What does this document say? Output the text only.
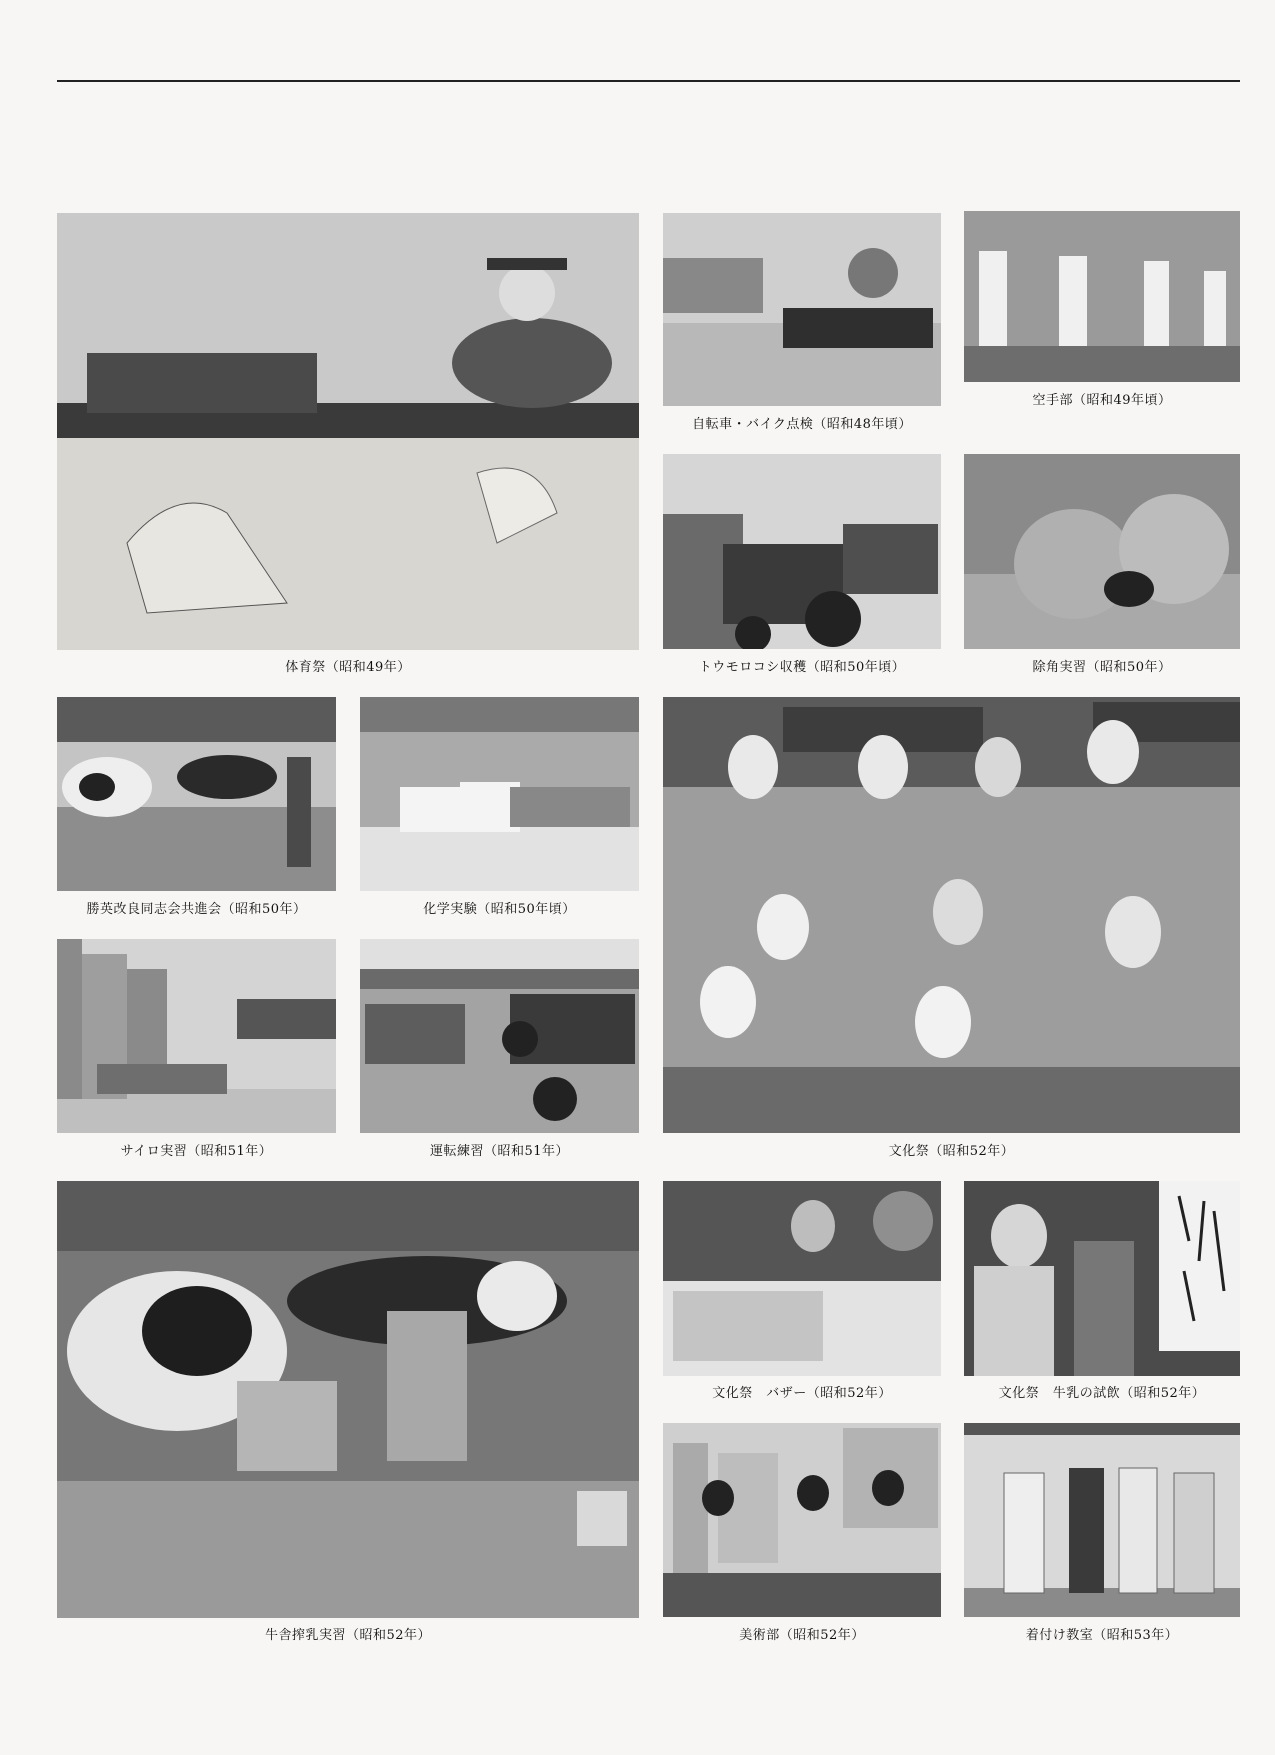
体育祭（昭和49年）
自転車・バイク点検（昭和48年頃）
空手部（昭和49年頃）
トウモロコシ収穫（昭和50年頃）	除角実習（昭和50年）
勝英改良同志会共進会（昭和50年）	化学実験（昭和50年頃）
サイロ実習（昭和51年）	運転練習（昭和51年）	文化祭（昭和52年）
牛舎搾乳実習（昭和52年）
文化祭　バザー（昭和52年）	文化祭　牛乳の試飲（昭和52年）
美術部（昭和52年）	着付け教室（昭和53年）
